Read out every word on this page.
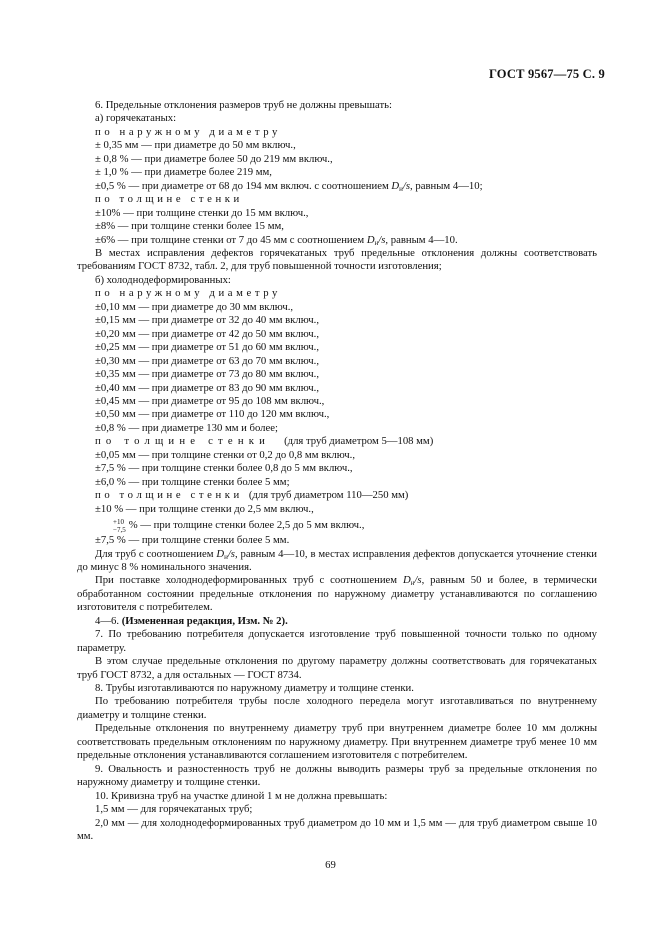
ГОСТ 9567—75 С. 9

6. Предельные отклонения размеров труб не должны превышать:

а) горячекатаных:

по наружному диаметру

± 0,35 мм — при диаметре до 50 мм включ.,

± 0,8 % — при диаметре более 50 до 219 мм включ.,

± 1,0 % — при диаметре более 219 мм,

±0,5 % — при диаметре от 68 до 194 мм включ. с соотношением $D_н/s$, равным 4—10;

по толщине стенки

±10% — при толщине стенки до 15 мм включ.,

±8% — при толщине стенки более 15 мм,

±6% — при толщине стенки от 7 до 45 мм с соотношением $D_н/s$, равным 4—10.

В местах исправления дефектов горячекатаных труб предельные отклонения должны соответствовать требованиям ГОСТ 8732, табл. 2, для труб повышенной точности изготовления;

б) холоднодеформированных:

по наружному диаметру

±0,10 мм — при диаметре до 30 мм включ.,

±0,15 мм — при диаметре от 32 до 40 мм включ.,

±0,20 мм — при диаметре от 42 до 50 мм включ.,

±0,25 мм — при диаметре от 51 до 60 мм включ.,

±0,30 мм — при диаметре от 63 до 70 мм включ.,

±0,35 мм — при диаметре от 73 до 80 мм включ.,

±0,40 мм — при диаметре от 83 до 90 мм включ.,

±0,45 мм — при диаметре от 95 до 108 мм включ.,

±0,50 мм — при диаметре от 110 до 120 мм включ.,

±0,8 % — при диаметре 130 мм и более;

по толщине стенки (для труб диаметром 5—108 мм)

±0,05 мм — при толщине стенки от 0,2 до 0,8 мм включ.,

±7,5 % — при толщине стенки более 0,8 до 5 мм включ.,

±6,0 % — при толщине стенки более 5 мм;

по толщине стенки (для труб диаметром 110—250 мм)

±10 % — при толщине стенки до 2,5 мм включ.,

+10
−7,5 % — при толщине стенки более 2,5 до 5 мм включ.,

±7,5 % — при толщине стенки более 5 мм.

Для труб с соотношением $D_н/s$, равным 4—10, в местах исправления дефектов допускается уточнение стенки до минус 8 % номинального значения.

При поставке холоднодеформированных труб с соотношением $D_н/s$, равным 50 и более, в термически обработанном состоянии предельные отклонения по наружному диаметру устанавливаются по соглашению изготовителя с потребителем.

4—6. (Измененная редакция, Изм. № 2).

7. По требованию потребителя допускается изготовление труб повышенной точности только по одному параметру.

В этом случае предельные отклонения по другому параметру должны соответствовать для горячекатаных труб ГОСТ 8732, а для остальных — ГОСТ 8734.

8. Трубы изготавливаются по наружному диаметру и толщине стенки.

По требованию потребителя трубы после холодного передела могут изготавливаться по внутреннему диаметру и толщине стенки.

Предельные отклонения по внутреннему диаметру труб при внутреннем диаметре более 10 мм должны соответствовать предельным отклонениям по наружному диаметру. При внутреннем диаметре труб менее 10 мм предельные отклонения устанавливаются соглашением изготовителя с потребителем.

9. Овальность и разностенность труб не должны выводить размеры труб за предельные отклонения по наружному диаметру и толщине стенки.

10. Кривизна труб на участке длиной 1 м не должна превышать:

1,5 мм — для горячекатаных труб;

2,0 мм — для холоднодеформированных труб диаметром до 10 мм и 1,5 мм — для труб диаметром свыше 10 мм.

69
